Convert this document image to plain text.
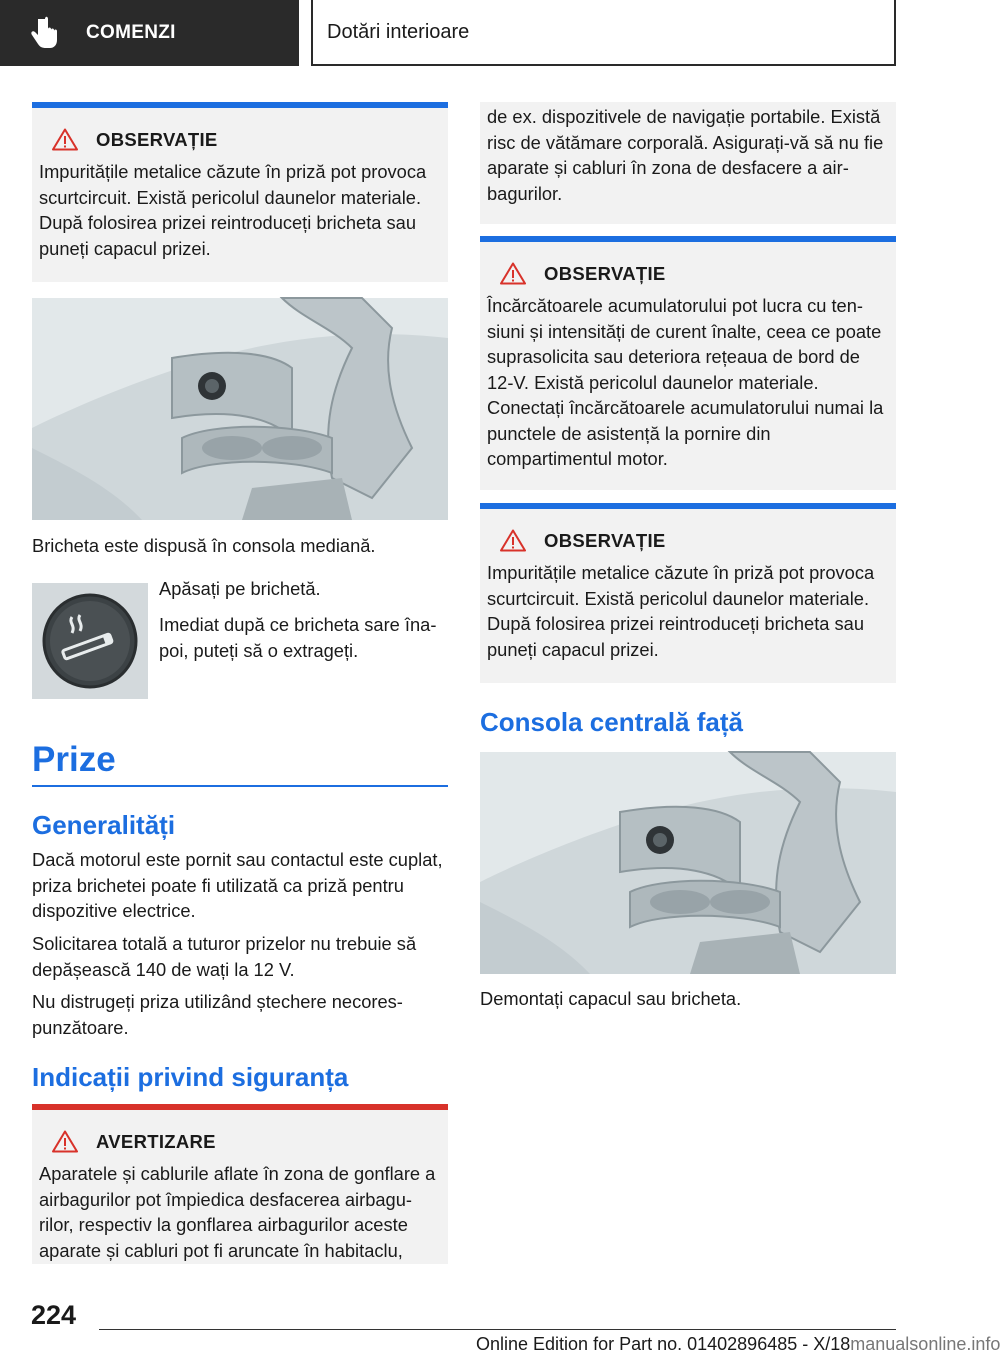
COMENZI	Dotări interioare
OBSERVAȚIE
Impuritățile metalice căzute în priză pot provoca scurtcircuit. Există pericolul daunelor materiale. După folosirea prizei reintroduceți bricheta sau puneți capacul prizei.
Bricheta este dispusă în consola mediană.
Apăsați pe brichetă.
Imediat după ce bricheta sare înapoi, puteți să o extrageți.
Prize
Generalități
Dacă motorul este pornit sau contactul este cuplat, priza brichetei poate fi utilizată ca priză pentru dispozitive electrice.
Solicitarea totală a tuturor prizelor nu trebuie să depășească 140 de wați la 12 V.
Nu distrugeți priza utilizând ștechere necorespunzătoare.
Indicații privind siguranța
AVERTIZARE
Aparatele și cablurile aflate în zona de gonflare a airbagurilor pot împiedica desfacerea airbagurilor, respectiv la gonflarea airbagurilor aceste aparate și cabluri pot fi aruncate în habitaclu,
de ex. dispozitivele de navigație portabile. Există risc de vătămare corporală. Asigurați-vă să nu fie aparate și cabluri în zona de desfacere a airbagurilor.
OBSERVAȚIE
Încărcătoarele acumulatorului pot lucra cu tensiuni și intensități de curent înalte, ceea ce poate suprasolicita sau deteriora rețeaua de bord de 12-V. Există pericolul daunelor materiale. Conectați încărcătoarele acumulatorului numai la punctele de asistență la pornire din compartimentul motor.
OBSERVAȚIE
Impuritățile metalice căzute în priză pot provoca scurtcircuit. Există pericolul daunelor materiale. După folosirea prizei reintroduceți bricheta sau puneți capacul prizei.
Consola centrală față
Demontați capacul sau bricheta.
224
Online Edition for Part no. 01402896485 - X/18manualsonline.info
